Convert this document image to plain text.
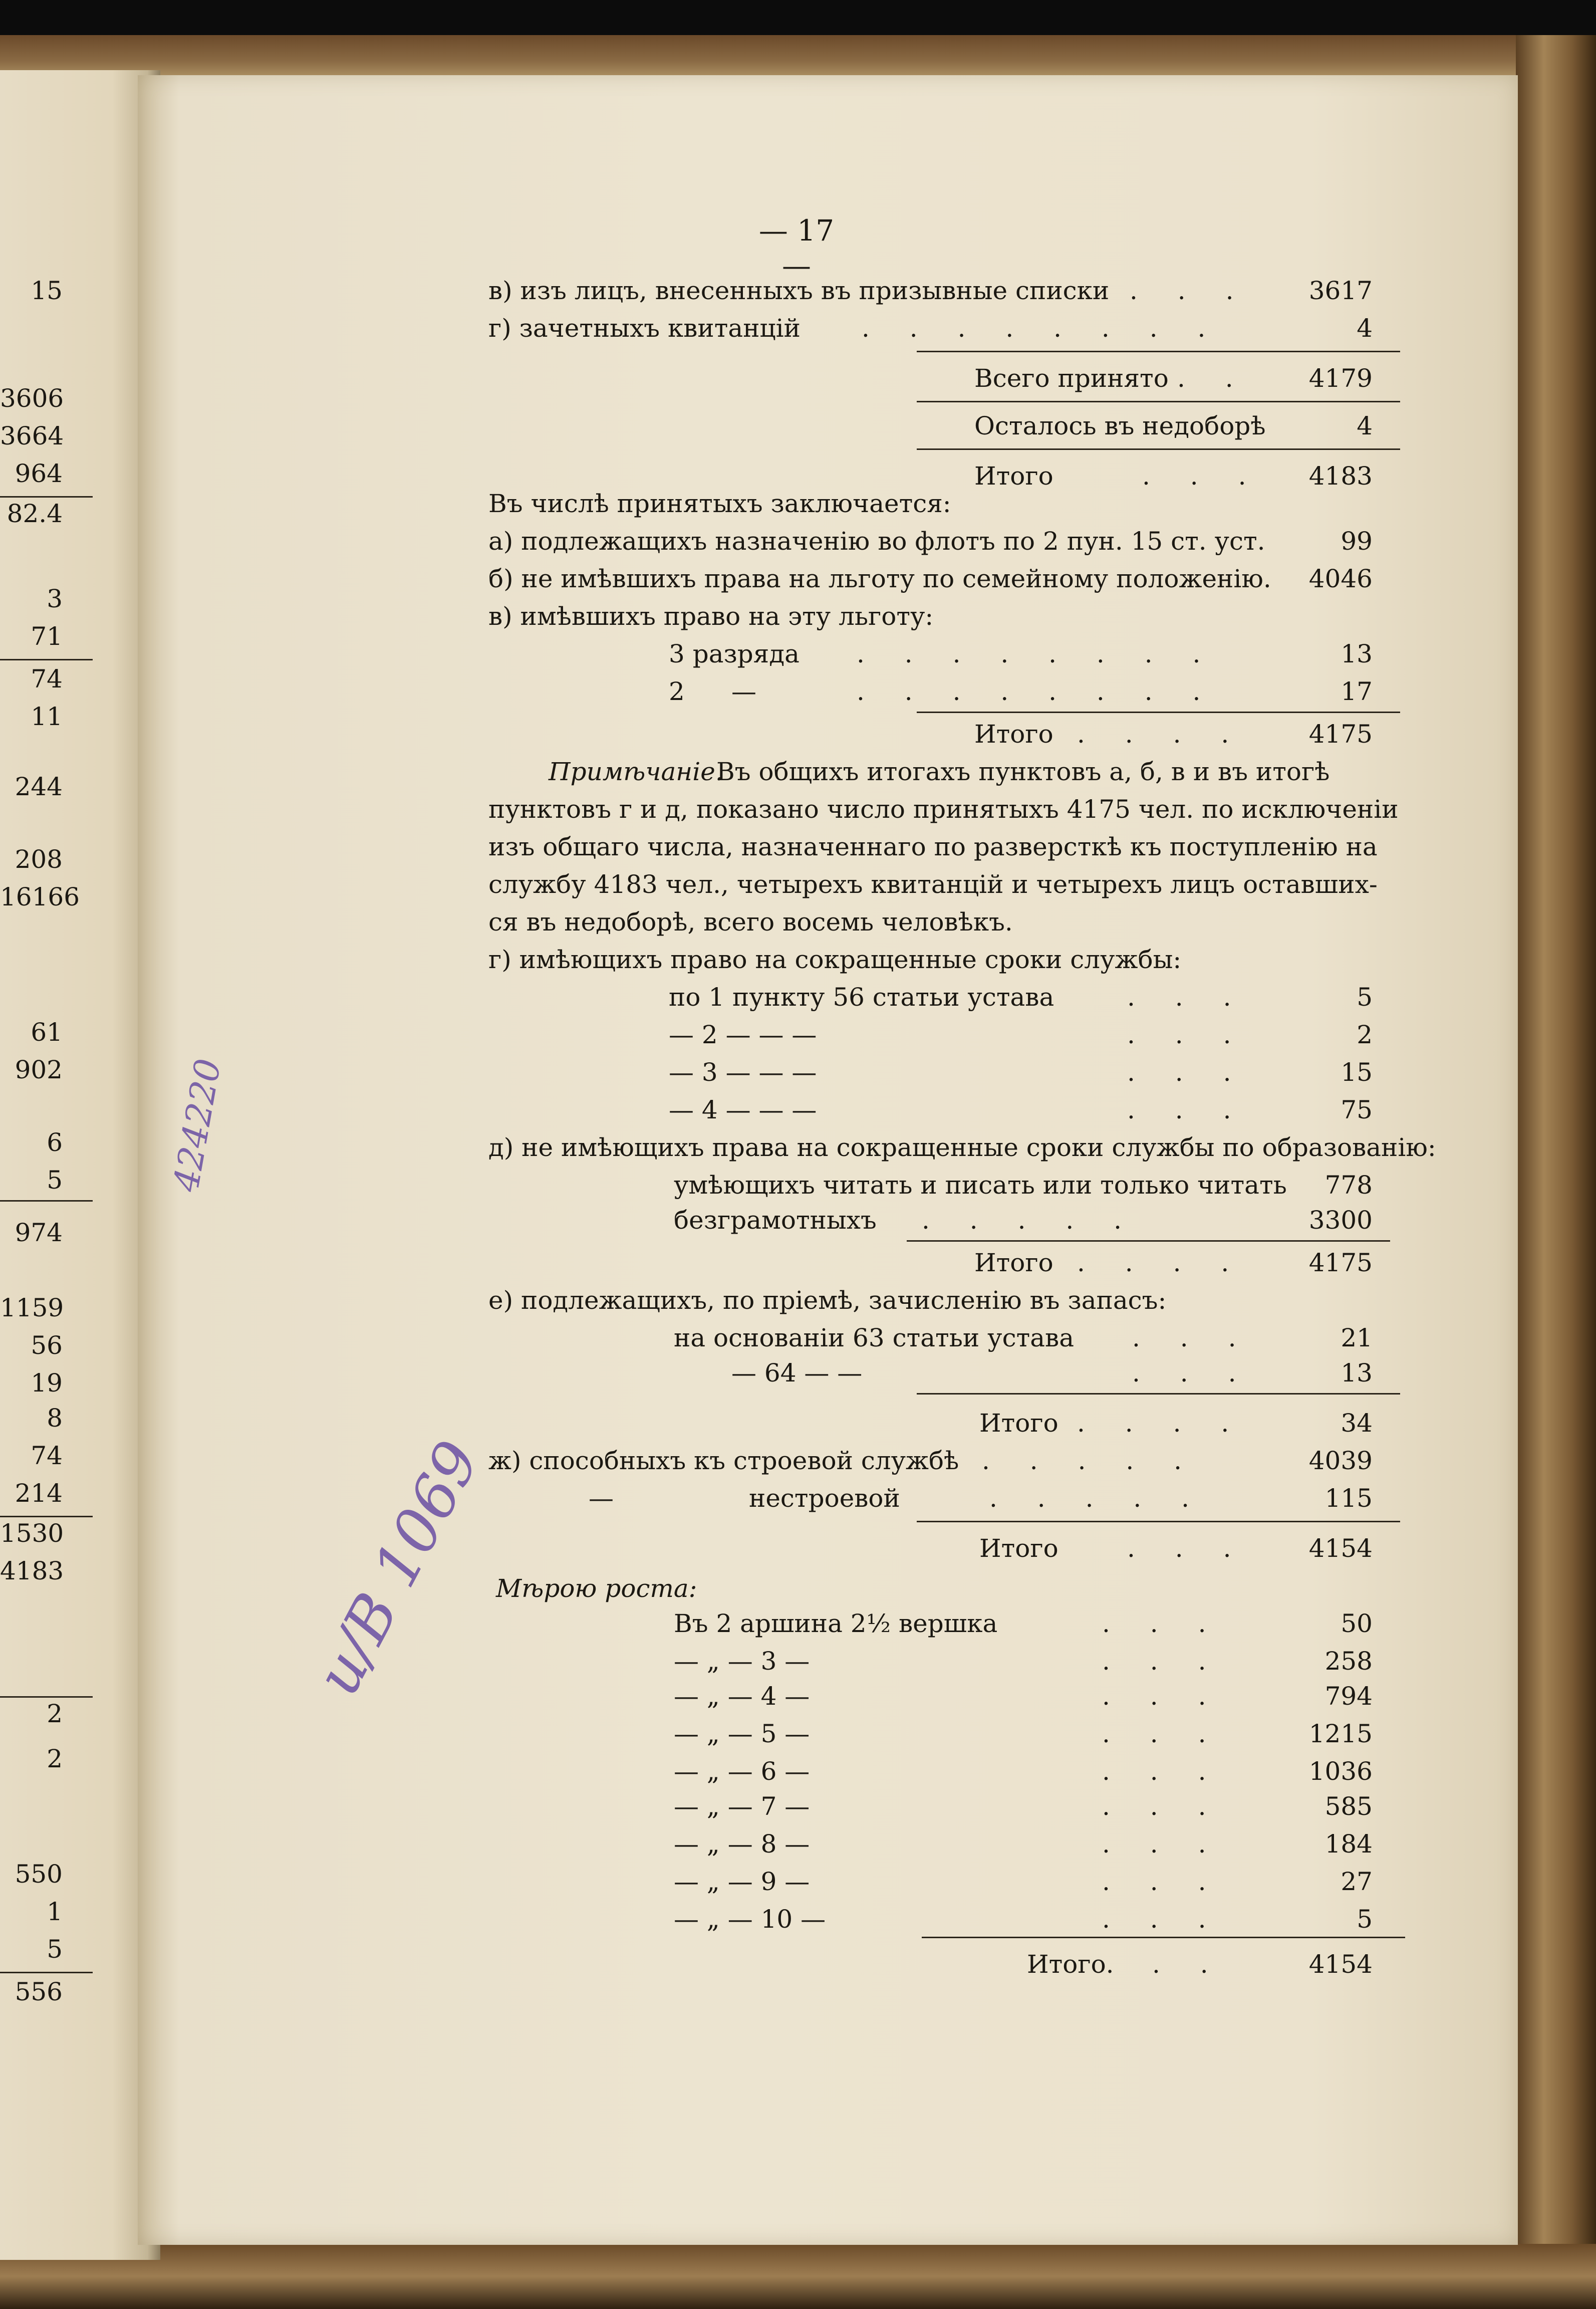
15
3606
3664
964
82.4
3
71
74
11
244
208
16166
61
902
6
5
974
1159
56
19
8
74
214
1530
4183
2
2
550
1
5
556
— 17 —
424220
и/В 1069
в) изъ лицъ, внесенныхъ въ призывные списки . . .	3617
г) зачетныхъ квитанцій . . . . . . . .	4
Всего принято . .	4179
Осталось въ недоборѣ	4
Итого	. . .	4183
Въ числѣ принятыхъ заключается:
а) подлежащихъ назначенію во флотъ по 2 пун. 15 ст. уст.	99
б) не имѣвшихъ права на льготу по семейному положенію.	4046
в) имѣвшихъ право на эту льготу:
3 разряда . . . . . . . .	13
2 —	. . . . . . . .	17
Итого . . . .	4175
Примѣчаніе.
Въ общихъ итогахъ пунктовъ а, б, в и въ итогѣ
пунктовъ г и д, показано число принятыхъ 4175 чел. по исключеніи
изъ общаго числа, назначеннаго по разверсткѣ къ поступленію на
службу 4183 чел., четырехъ квитанцій и четырехъ лицъ оставших-
ся въ недоборѣ, всего восемь человѣкъ.
г) имѣющихъ право на сокращенные сроки службы:
по 1 пункту 56 статьи устава	. . .	5
— 2 — — —	. . .	2
— 3 — — —	. . .	15
— 4 — — —	. . .	75
д) не имѣющихъ права на сокращенные сроки службы по образованію:
умѣющихъ читать и писать или только читать	778
безграмотныхъ . . . . .	3300
Итого . . . .	4175
е) подлежащихъ, по пріемѣ, зачисленію въ запасъ:
на основаніи 63 статьи устава . . .	21
— 64 — —	. . .	13
Итого . . . .	34
ж) способныхъ къ строевой службѣ . . . . .	4039
—	нестроевой	. . . . .	115
Итого	. . .	4154
Мѣрою роста:
Въ 2 аршина 2½ вершка	. . .	50
— „ — 3 —	. . .	258
— „ — 4 —	. . .	794
— „ — 5 —	. . .	1215
— „ — 6 —	. . .	1036
— „ — 7 —	. . .	585
— „ — 8 —	. . .	184
— „ — 9 —	. . .	27
— „ — 10 —	. . .	5
Итого. . .	4154
